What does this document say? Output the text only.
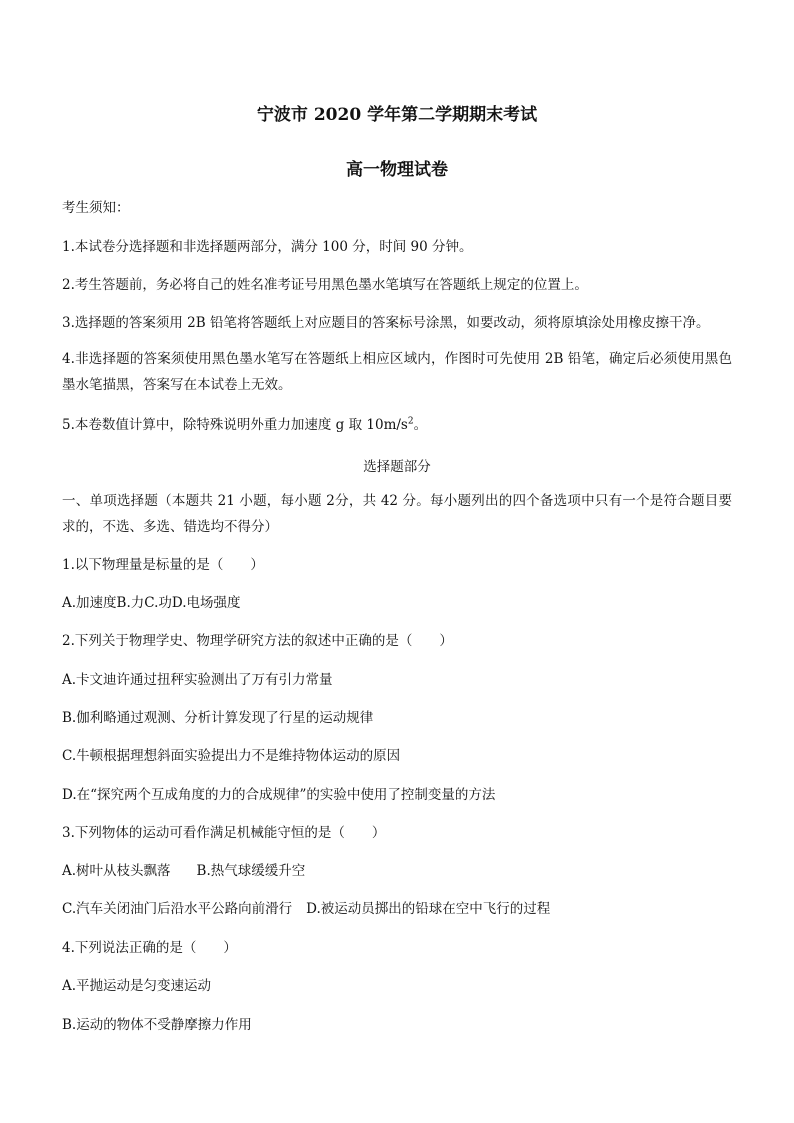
宁波市 2020 学年第二学期期末考试
高一物理试卷
考生须知：
1.本试卷分选择题和非选择题两部分，满分 100 分，时间 90 分钟。
2.考生答题前，务必将自己的姓名准考证号用黑色墨水笔填写在答题纸上规定的位置上。
3.选择题的答案须用 2B 铅笔将答题纸上对应题目的答案标号涂黑，如要改动，须将原填涂处用橡皮擦干净。
4.非选择题的答案须使用黑色墨水笔写在答题纸上相应区域内，作图时可先使用 2B 铅笔，确定后必须使用黑色墨水笔描黑，答案写在本试卷上无效。
5.本卷数值计算中，除特殊说明外重力加速度 g 取 $10m/s^2$。
选择题部分
一、单项选择题（本题共 21 小题，每小题 2分，共 42 分。每小题列出的四个备选项中只有一个是符合题目要求的，不选、多选、错选均不得分）
1.以下物理量是标量的是（　　）
A.加速度B.力C.功D.电场强度
2.下列关于物理学史、物理学研究方法的叙述中正确的是（　　）
A.卡文迪许通过扭秤实验测出了万有引力常量
B.伽利略通过观测、分析计算发现了行星的运动规律
C.牛顿根据理想斜面实验提出力不是维持物体运动的原因
D.在“探究两个互成角度的力的合成规律”的实验中使用了控制变量的方法
3.下列物体的运动可看作满足机械能守恒的是（　　）
A.树叶从枝头飘落 B.热气球缓缓升空
C.汽车关闭油门后沿水平公路向前滑行 D.被运动员掷出的铅球在空中飞行的过程
4.下列说法正确的是（　　）
A.平抛运动是匀变速运动
B.运动的物体不受静摩擦力作用
